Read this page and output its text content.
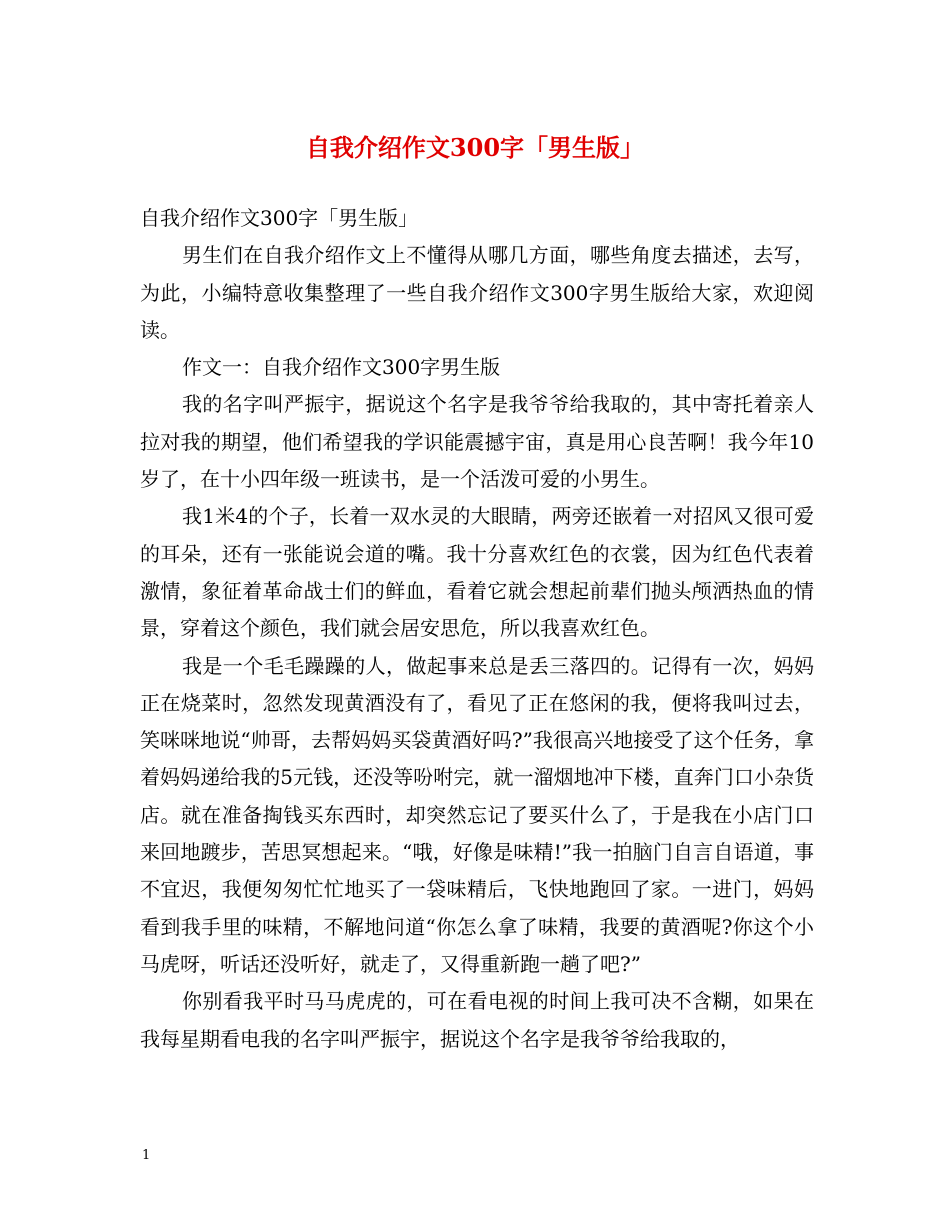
自我介绍作文300字「男生版」

自我介绍作文300字「男生版」

男生们在自我介绍作文上不懂得从哪几方面，哪些角度去描述，去写，为此，小编特意收集整理了一些自我介绍作文300字男生版给大家，欢迎阅读。

作文一：自我介绍作文300字男生版

我的名字叫严振宇，据说这个名字是我爷爷给我取的，其中寄托着亲人拉对我的期望，他们希望我的学识能震撼宇宙，真是用心良苦啊！我今年10岁了，在十小四年级一班读书，是一个活泼可爱的小男生。

我1米4的个子，长着一双水灵的大眼睛，两旁还嵌着一对招风又很可爱的耳朵，还有一张能说会道的嘴。我十分喜欢红色的衣裳，因为红色代表着激情，象征着革命战士们的鲜血，看着它就会想起前辈们抛头颅洒热血的情景，穿着这个颜色，我们就会居安思危，所以我喜欢红色。

我是一个毛毛躁躁的人，做起事来总是丢三落四的。记得有一次，妈妈正在烧菜时，忽然发现黄酒没有了，看见了正在悠闲的我，便将我叫过去，笑咪咪地说“帅哥，去帮妈妈买袋黄酒好吗?”我很高兴地接受了这个任务，拿着妈妈递给我的5元钱，还没等吩咐完，就一溜烟地冲下楼，直奔门口小杂货店。就在准备掏钱买东西时，却突然忘记了要买什么了，于是我在小店门口来回地踱步，苦思冥想起来。“哦，好像是味精!”我一拍脑门自言自语道，事不宜迟，我便匆匆忙忙地买了一袋味精后，飞快地跑回了家。一进门，妈妈看到我手里的味精，不解地问道“你怎么拿了味精，我要的黄酒呢?你这个小马虎呀，听话还没听好，就走了，又得重新跑一趟了吧?”

你别看我平时马马虎虎的，可在看电视的时间上我可决不含糊，如果在我每星期看电我的名字叫严振宇，据说这个名字是我爷爷给我取的，

1
